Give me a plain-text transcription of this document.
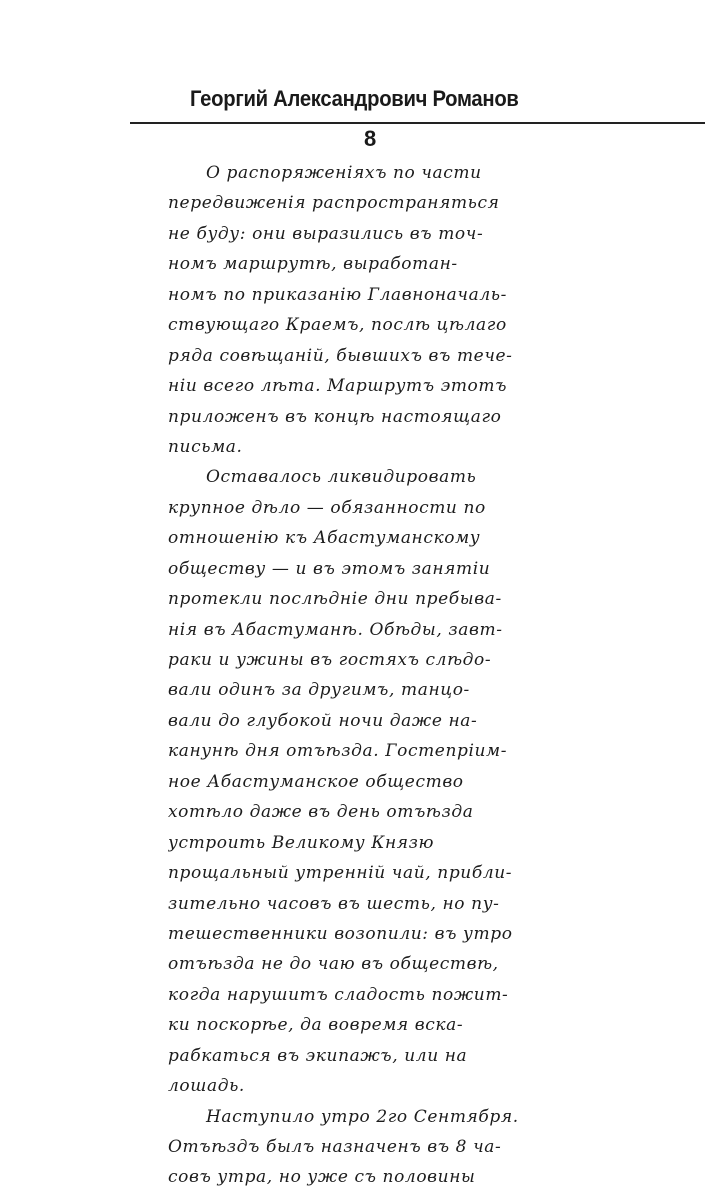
Георгий Александрович Романов
8
О распоряженiяхъ по части
передвиженiя распространяться
не буду: они выразились въ точ-
номъ маршрутѣ, выработан-
номъ по приказанiю Главноначаль-
ствующаго Краемъ, послѣ цѣлаго
ряда совѣщанiй, бывшихъ въ тече-
нiи всего лѣта. Маршрутъ этотъ
приложенъ въ концѣ настоящаго
письма.
Оставалось ликвидировать
крупное дѣло — обязанности по
отношенiю къ Абастуманскому
обществу — и въ этомъ занятiи
протекли послѣднiе дни пребыва-
нiя въ Абастуманѣ. Обѣды, завт-
раки и ужины въ гостяхъ слѣдо-
вали одинъ за другимъ, танцо-
вали до глубокой ночи даже на-
канунѣ дня отъѣзда. Гостепрiим-
ное Абастуманское общество
хотѣло даже въ день отъѣзда
устроить Великому Князю
прощальный утреннiй чай, прибли-
зительно часовъ въ шесть, но пу-
тешественники возопили: въ утро
отъѣзда не до чаю въ обществѣ,
когда нарушитъ сладость пожит-
ки поскорѣе, да вовремя вска-
рабкаться въ экипажъ, или на
лошадь.
Наступило утро 2го Сентября.
Отъѣздъ былъ назначенъ въ 8 ча-
совъ утра, но уже съ половины
